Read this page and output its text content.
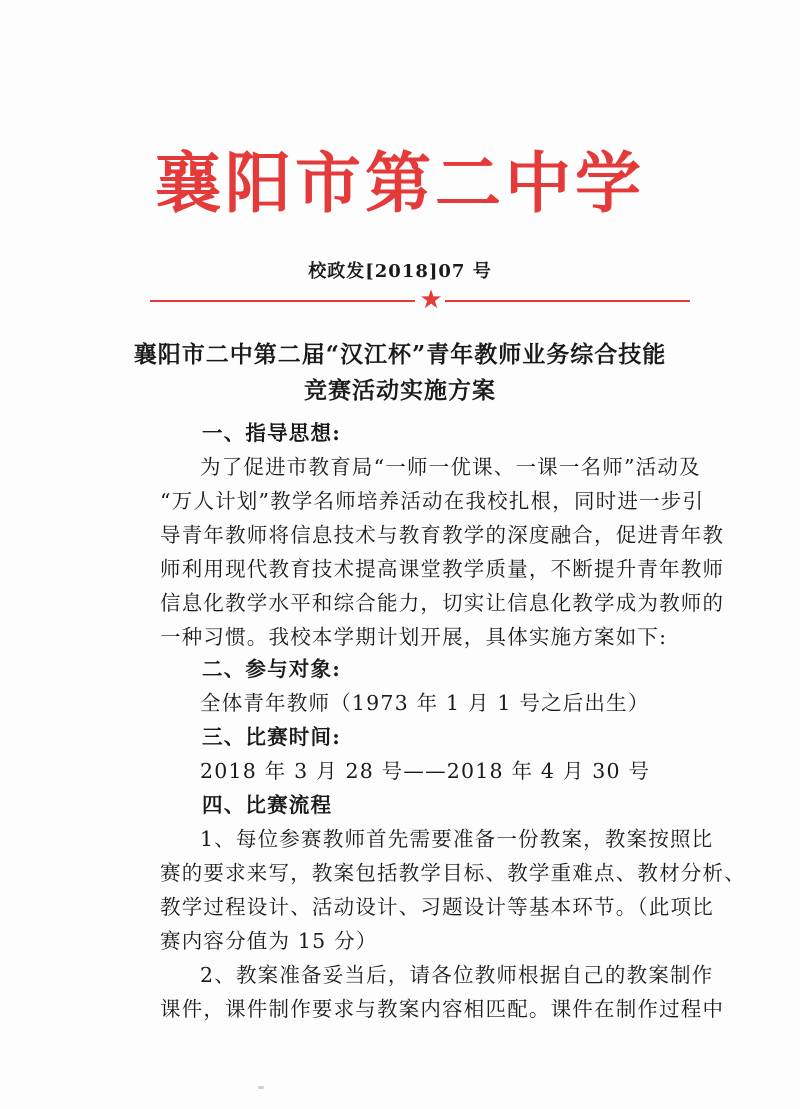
襄阳市第二中学
校政发[2018]07 号
★
襄阳市二中第二届“汉江杯”青年教师业务综合技能
竞赛活动实施方案
一、指导思想:
为了促进市教育局“一师一优课、一课一名师”活动及
“万人计划”教学名师培养活动在我校扎根，同时进一步引
导青年教师将信息技术与教育教学的深度融合，促进青年教
师利用现代教育技术提高课堂教学质量，不断提升青年教师
信息化教学水平和综合能力，切实让信息化教学成为教师的
一种习惯。我校本学期计划开展，具体实施方案如下:
二、参与对象:
全体青年教师（1973 年 1 月 1 号之后出生）
三、比赛时间:
2018 年 3 月 28 号——2018 年 4 月 30 号
四、比赛流程
1、每位参赛教师首先需要准备一份教案，教案按照比
赛的要求来写，教案包括教学目标、教学重难点、教材分析、
教学过程设计、活动设计、习题设计等基本环节。（此项比
赛内容分值为 15 分）
2、教案准备妥当后，请各位教师根据自己的教案制作
课件，课件制作要求与教案内容相匹配。课件在制作过程中
